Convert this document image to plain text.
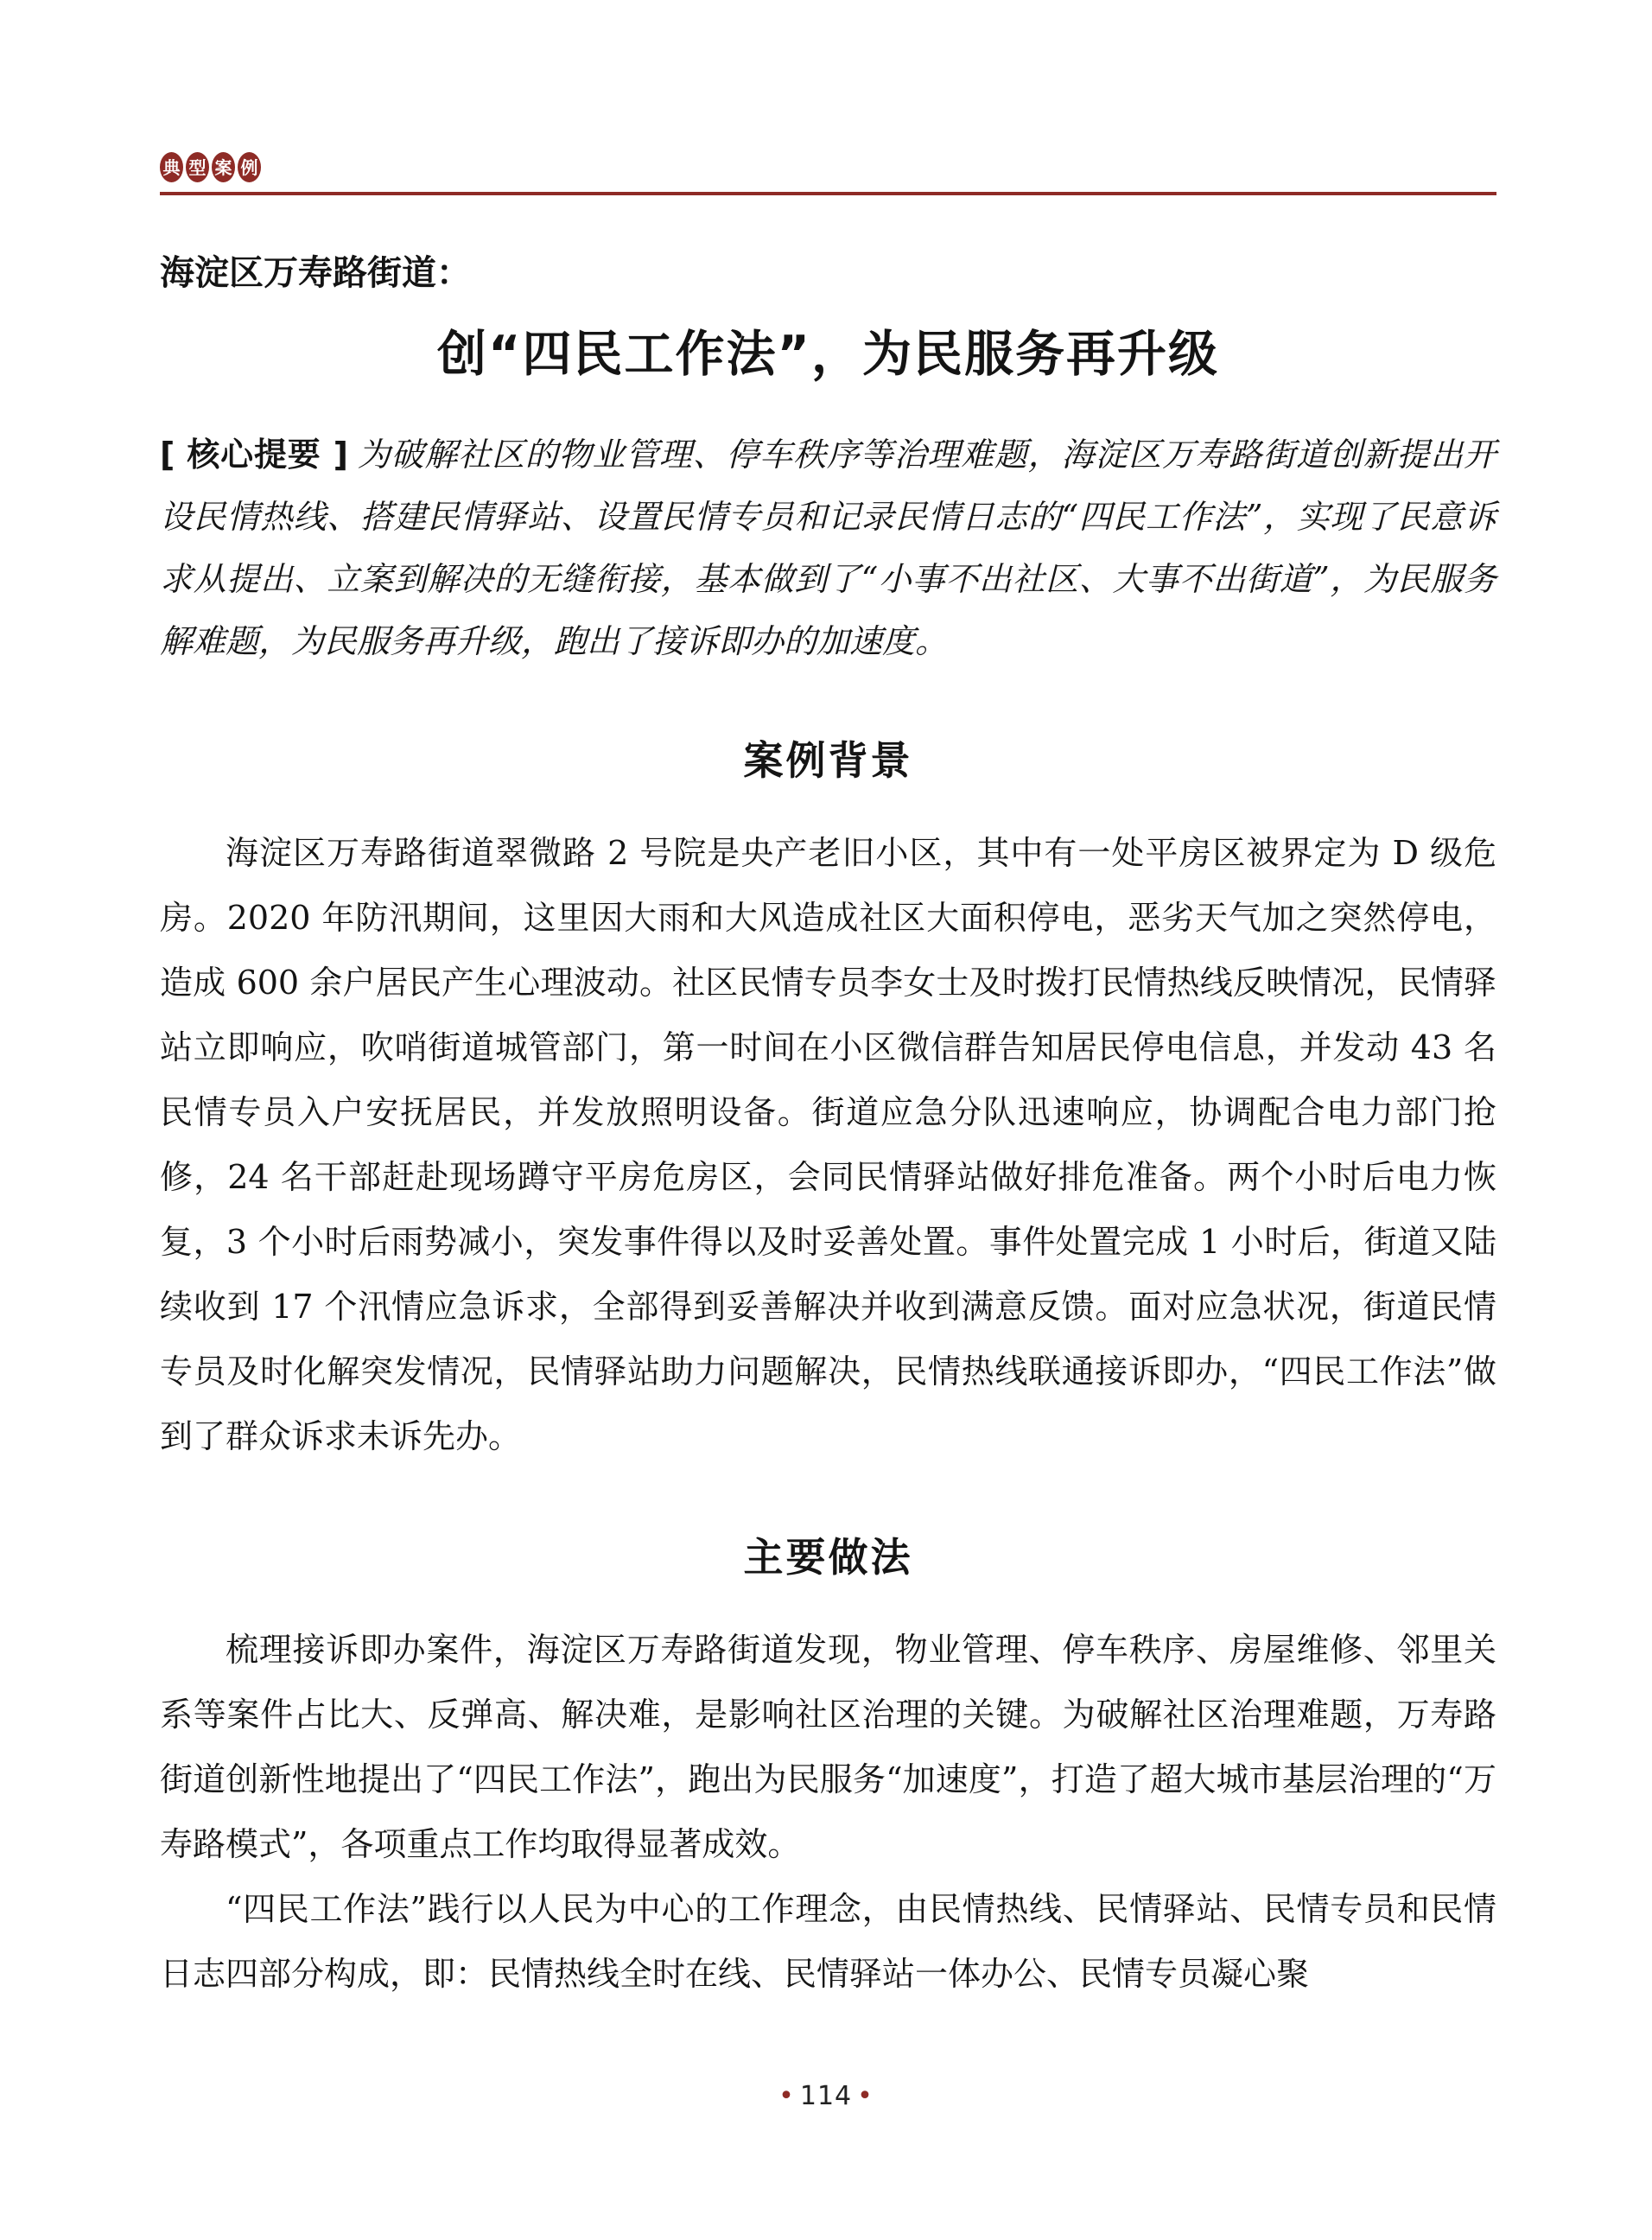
典 型 案 例
海淀区万寿路街道：
创“四民工作法”，为民服务再升级

[ 核心提要 ] 为破解社区的物业管理、停车秩序等治理难题，海淀区万寿路街道创新提出开设民情热线、搭建民情驿站、设置民情专员和记录民情日志的“四民工作法”，实现了民意诉求从提出、立案到解决的无缝衔接，基本做到了“小事不出社区、大事不出街道”，为民服务解难题，为民服务再升级，跑出了接诉即办的加速度。

案例背景

海淀区万寿路街道翠微路 2 号院是央产老旧小区，其中有一处平房区被界定为 D 级危房。2020 年防汛期间，这里因大雨和大风造成社区大面积停电，恶劣天气加之突然停电，造成 600 余户居民产生心理波动。社区民情专员李女士及时拨打民情热线反映情况，民情驿站立即响应，吹哨街道城管部门，第一时间在小区微信群告知居民停电信息，并发动 43 名民情专员入户安抚居民，并发放照明设备。街道应急分队迅速响应，协调配合电力部门抢修，24 名干部赶赴现场蹲守平房危房区，会同民情驿站做好排危准备。两个小时后电力恢复，3 个小时后雨势减小，突发事件得以及时妥善处置。事件处置完成 1 小时后，街道又陆续收到 17 个汛情应急诉求，全部得到妥善解决并收到满意反馈。面对应急状况，街道民情专员及时化解突发情况，民情驿站助力问题解决，民情热线联通接诉即办，“四民工作法”做到了群众诉求未诉先办。

主要做法

梳理接诉即办案件，海淀区万寿路街道发现，物业管理、停车秩序、房屋维修、邻里关系等案件占比大、反弹高、解决难，是影响社区治理的关键。为破解社区治理难题，万寿路街道创新性地提出了“四民工作法”，跑出为民服务“加速度”，打造了超大城市基层治理的“万寿路模式”，各项重点工作均取得显著成效。

“四民工作法”践行以人民为中心的工作理念，由民情热线、民情驿站、民情专员和民情日志四部分构成，即：民情热线全时在线、民情驿站一体办公、民情专员凝心聚

• 114 •
